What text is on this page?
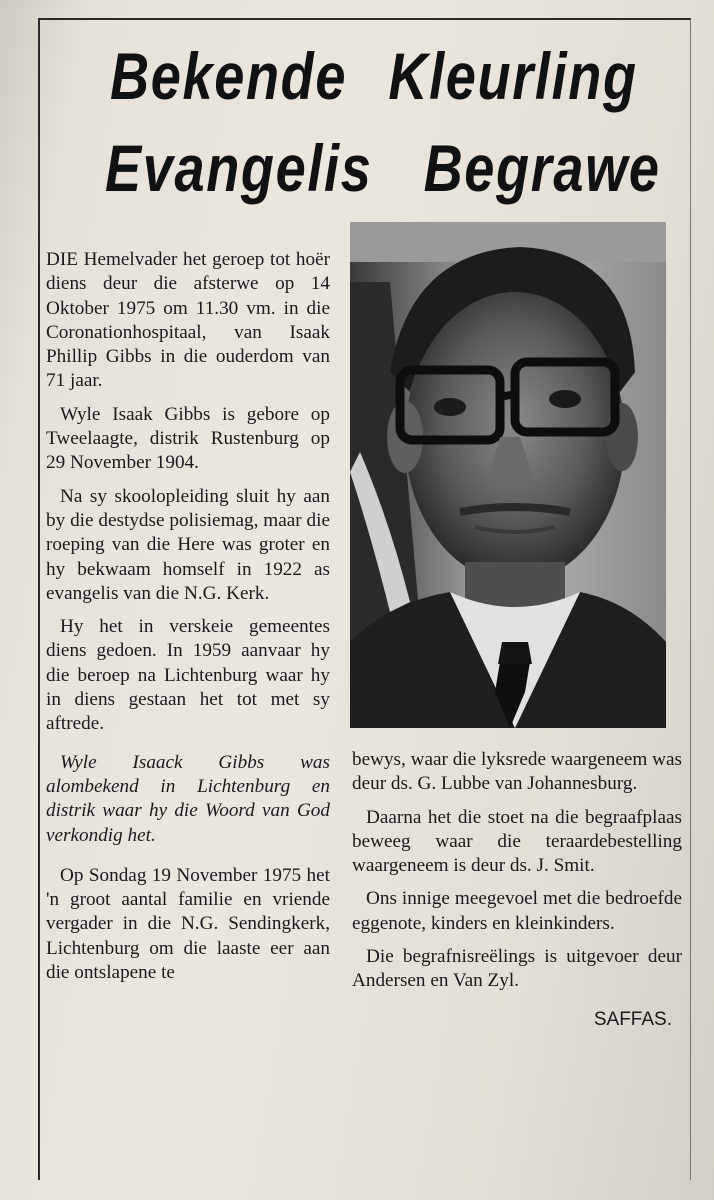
Bekende Kleurling
Evangelis Begrawe

DIE Hemelvader het geroep tot hoër diens deur die afsterwe op 14 Oktober 1975 om 11.30 vm. in die Coronationhospitaal, van Isaak Phillip Gibbs in die ouderdom van 71 jaar.

Wyle Isaak Gibbs is gebore op Tweelaagte, distrik Rustenburg op 29 November 1904.

Na sy skoolopleiding sluit hy aan by die destydse polisiemag, maar die roeping van die Here was groter en hy bekwaam homself in 1922 as evangelis van die N.G. Kerk.

Hy het in verskeie gemeentes diens gedoen. In 1959 aanvaar hy die beroep na Lichtenburg waar hy in diens gestaan het tot met sy aftrede.

Wyle Isaack Gibbs was alombekend in Lichtenburg en distrik waar hy die Woord van God verkondig het.

Op Sondag 19 November 1975 het 'n groot aantal familie en vriende vergader in die N.G. Sendingkerk, Lichtenburg om die laaste eer aan die ontslapene te

bewys, waar die lyksrede waargeneem was deur ds. G. Lubbe van Johannesburg.

Daarna het die stoet na die begraafplaas beweeg waar die teraardebestelling waargeneem is deur ds. J. Smit.

Ons innige meegevoel met die bedroefde eggenote, kinders en kleinkinders.

Die begrafnisreëlings is uitgevoer deur Andersen en Van Zyl.

SAFFAS.
